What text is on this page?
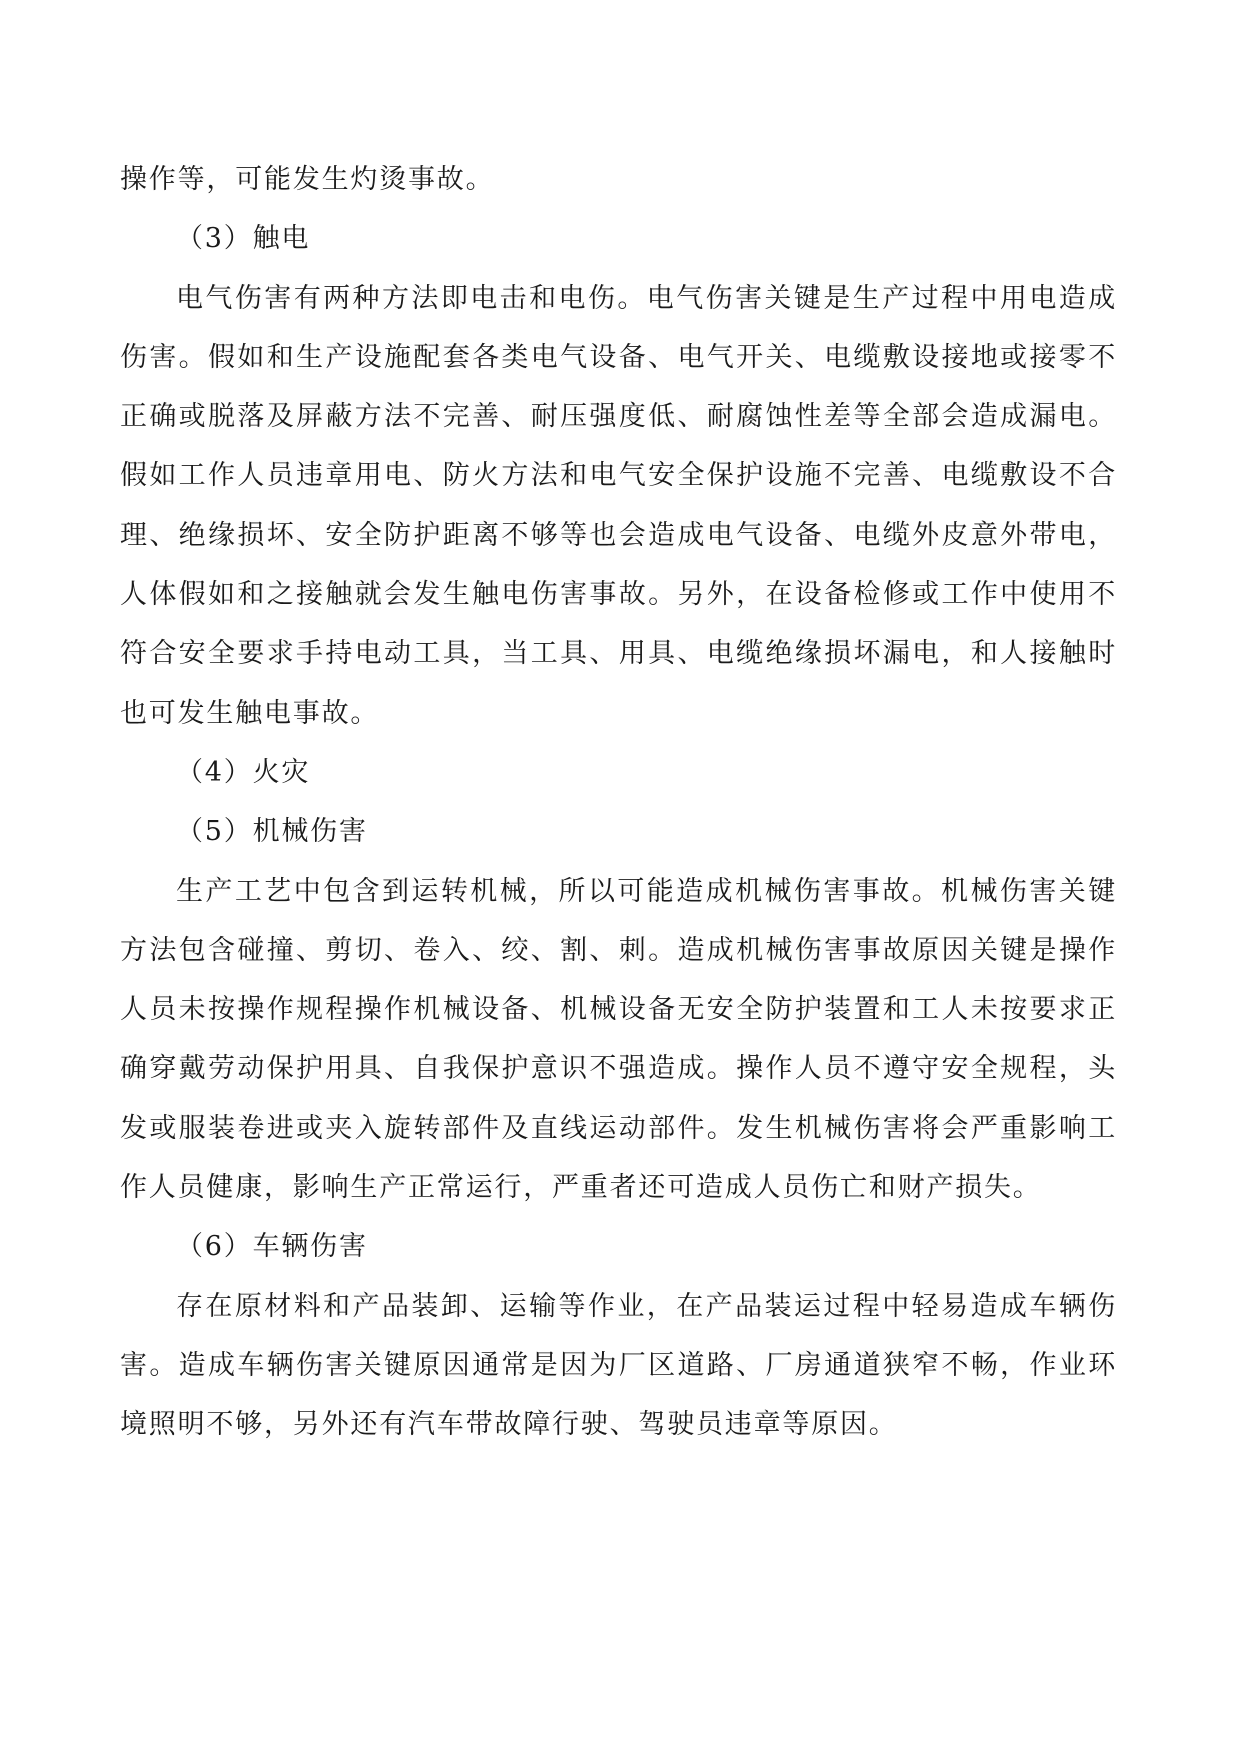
操作等，可能发生灼烫事故。

（3）触电

电气伤害有两种方法即电击和电伤。电气伤害关键是生产过程中用电造成伤害。假如和生产设施配套各类电气设备、电气开关、电缆敷设接地或接零不正确或脱落及屏蔽方法不完善、耐压强度低、耐腐蚀性差等全部会造成漏电。假如工作人员违章用电、防火方法和电气安全保护设施不完善、电缆敷设不合理、绝缘损坏、安全防护距离不够等也会造成电气设备、电缆外皮意外带电，人体假如和之接触就会发生触电伤害事故。另外，在设备检修或工作中使用不符合安全要求手持电动工具，当工具、用具、电缆绝缘损坏漏电，和人接触时也可发生触电事故。

（4）火灾

（5）机械伤害

生产工艺中包含到运转机械，所以可能造成机械伤害事故。机械伤害关键方法包含碰撞、剪切、卷入、绞、割、刺。造成机械伤害事故原因关键是操作人员未按操作规程操作机械设备、机械设备无安全防护装置和工人未按要求正确穿戴劳动保护用具、自我保护意识不强造成。操作人员不遵守安全规程，头发或服装卷进或夹入旋转部件及直线运动部件。发生机械伤害将会严重影响工作人员健康，影响生产正常运行，严重者还可造成人员伤亡和财产损失。

（6）车辆伤害

存在原材料和产品装卸、运输等作业，在产品装运过程中轻易造成车辆伤害。造成车辆伤害关键原因通常是因为厂区道路、厂房通道狭窄不畅，作业环境照明不够，另外还有汽车带故障行驶、驾驶员违章等原因。
